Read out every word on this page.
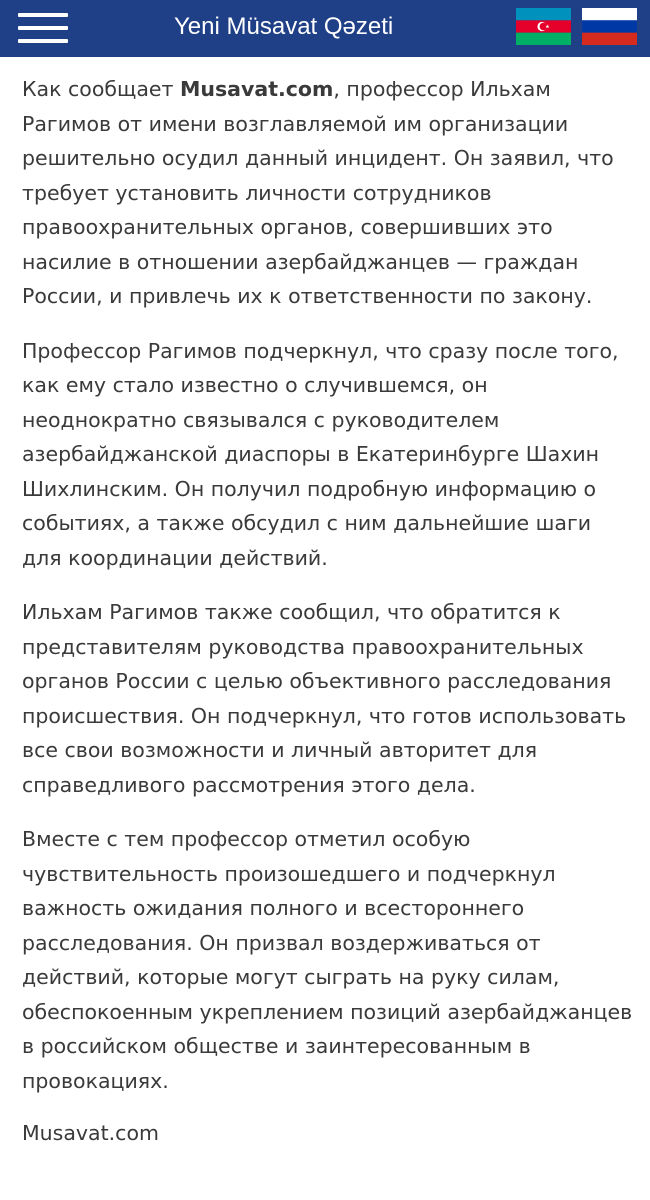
Yeni Müsavat Qəzeti

Как сообщает Musavat.com, профессор Ильхам Рагимов от имени возглавляемой им организации решительно осудил данный инцидент. Он заявил, что требует установить личности сотрудников правоохранительных органов, совершивших это насилие в отношении азербайджанцев — граждан России, и привлечь их к ответственности по закону.

Профессор Рагимов подчеркнул, что сразу после того, как ему стало известно о случившемся, он неоднократно связывался с руководителем азербайджанской диаспоры в Екатеринбурге Шахин Шихлинским. Он получил подробную информацию о событиях, а также обсудил с ним дальнейшие шаги для координации действий.

Ильхам Рагимов также сообщил, что обратится к представителям руководства правоохранительных органов России с целью объективного расследования происшествия. Он подчеркнул, что готов использовать все свои возможности и личный авторитет для справедливого рассмотрения этого дела.

Вместе с тем профессор отметил особую чувствительность произошедшего и подчеркнул важность ожидания полного и всестороннего расследования. Он призвал воздерживаться от действий, которые могут сыграть на руку силам, обеспокоенным укреплением позиций азербайджанцев в российском обществе и заинтересованным в провокациях.

Musavat.com
